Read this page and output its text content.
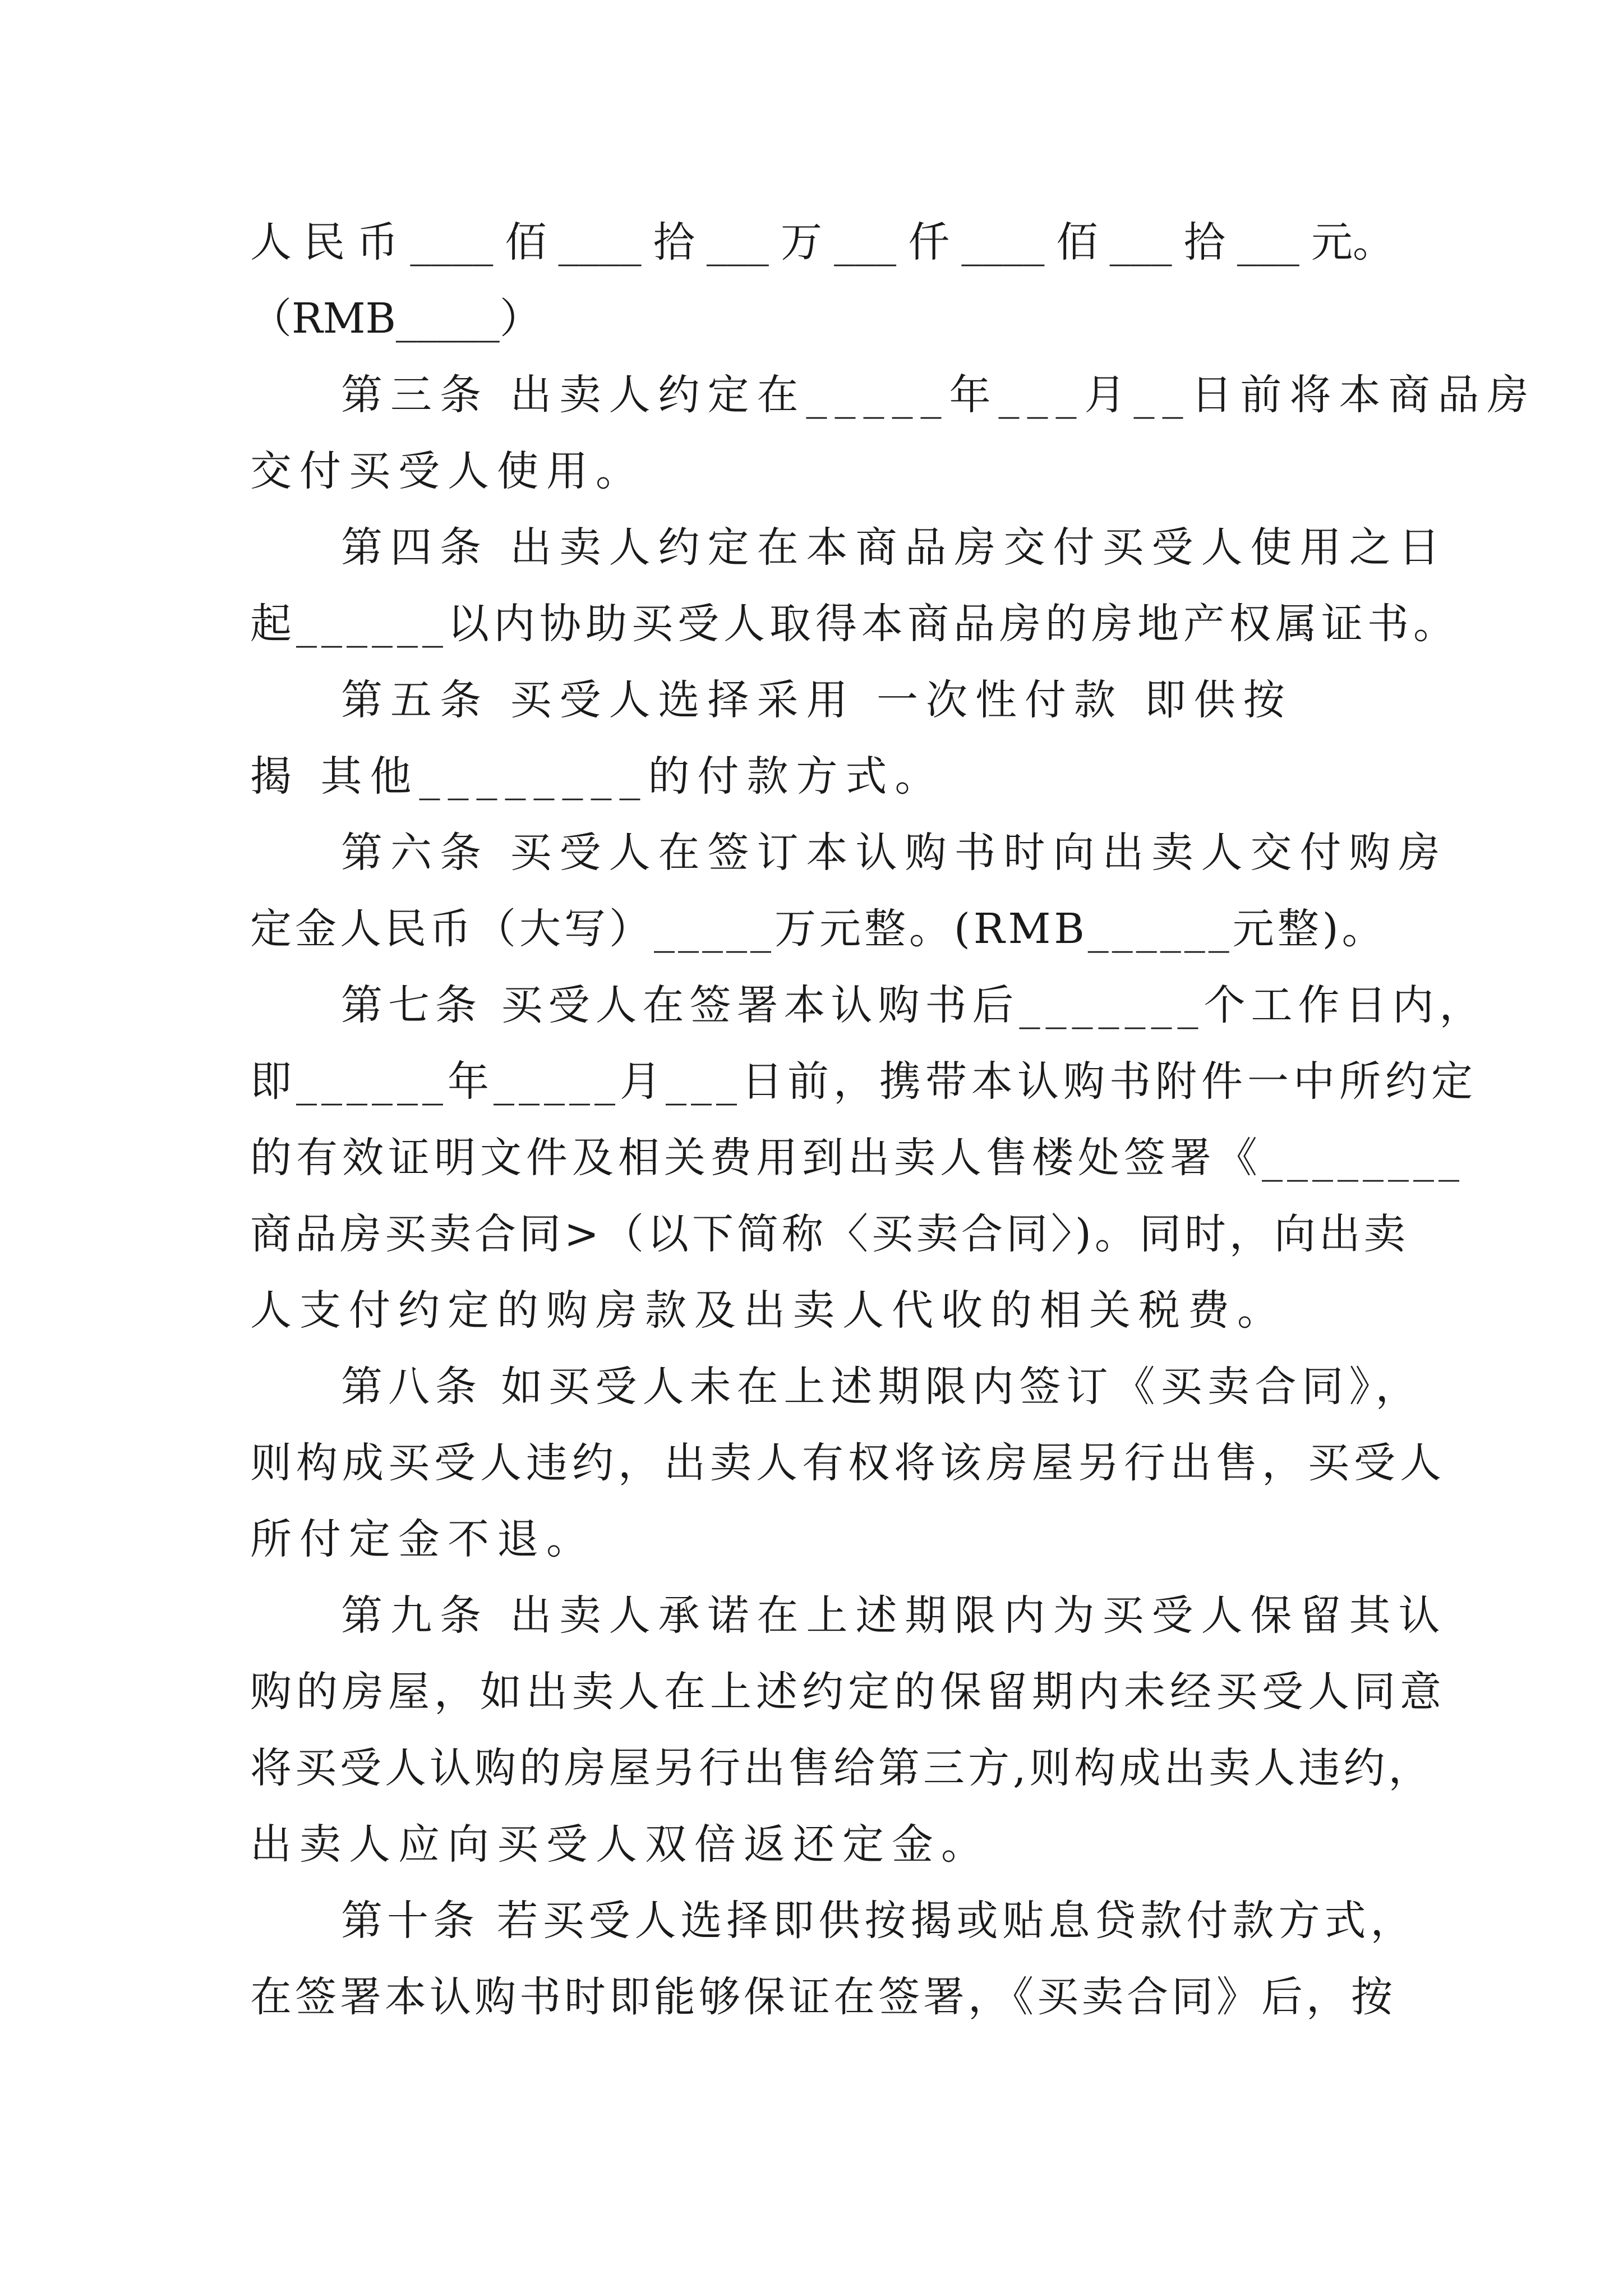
人 民 币 ____ 佰 ____ 拾 ___ 万 ___ 仟 ____ 佰 ___ 拾 ___ 元。
（RMB_____）
第三条 出卖人约定在_____年___月__日前将本商品房
交付买受人使用。
第四条 出卖人约定在本商品房交付买受人使用之日
起______以内协助买受人取得本商品房的房地产权属证书。
第五条 买受人选择采用 一次性付款 即供按
揭 其他________的付款方式。
第六条 买受人在签订本认购书时向出卖人交付购房
定金人民币（大写）_____万元整。(RMB______元整)。
第七条 买受人在签署本认购书后_______个工作日内，
即______年_____月___日前，携带本认购书附件一中所约定
的有效证明文件及相关费用到出卖人售楼处签署《________
商品房买卖合同>（以下简称〈买卖合同〉)。同时，向出卖
人支付约定的购房款及出卖人代收的相关税费。
第八条 如买受人未在上述期限内签订《买卖合同》，
则构成买受人违约，出卖人有权将该房屋另行出售，买受人
所付定金不退。
第九条 出卖人承诺在上述期限内为买受人保留其认
购的房屋，如出卖人在上述约定的保留期内未经买受人同意
将买受人认购的房屋另行出售给第三方,则构成出卖人违约，
出卖人应向买受人双倍返还定金。
第十条 若买受人选择即供按揭或贴息贷款付款方式，
在签署本认购书时即能够保证在签署，《买卖合同》后，按
